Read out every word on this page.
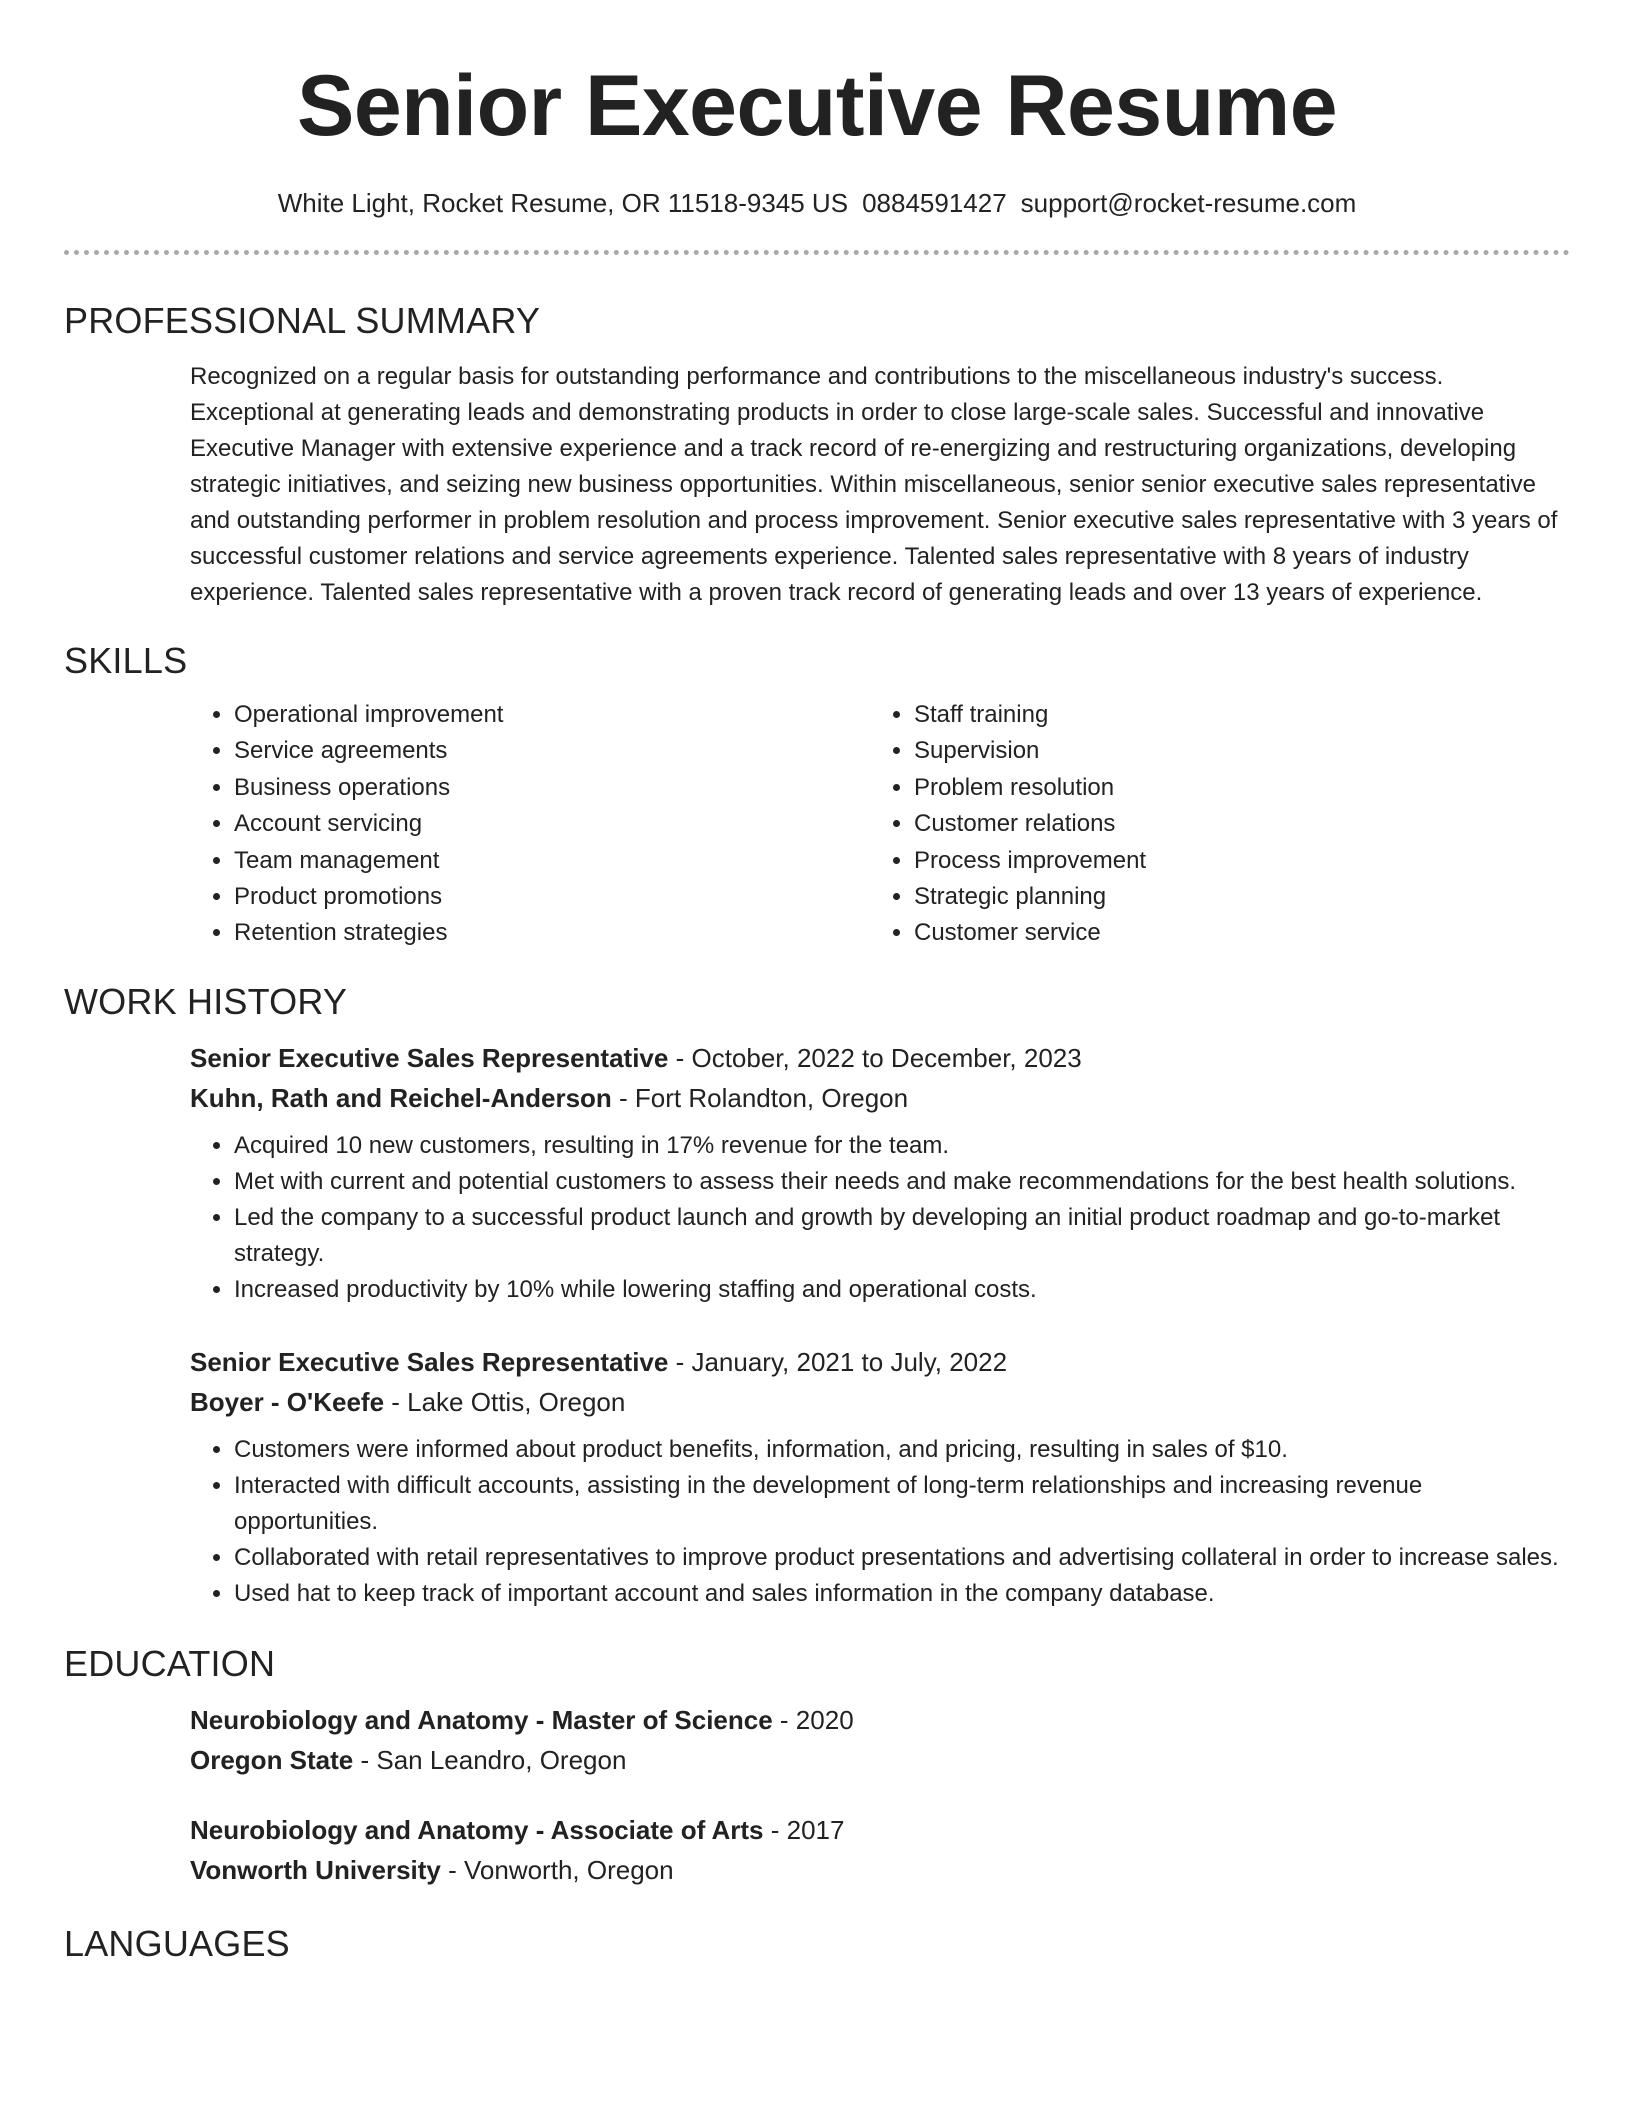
Senior Executive Resume
White Light, Rocket Resume, OR 11518-9345 US 0884591427 support@rocket-resume.com
PROFESSIONAL SUMMARY
Recognized on a regular basis for outstanding performance and contributions to the miscellaneous industry's success. Exceptional at generating leads and demonstrating products in order to close large-scale sales. Successful and innovative Executive Manager with extensive experience and a track record of re-energizing and restructuring organizations, developing strategic initiatives, and seizing new business opportunities. Within miscellaneous, senior senior executive sales representative and outstanding performer in problem resolution and process improvement. Senior executive sales representative with 3 years of successful customer relations and service agreements experience. Talented sales representative with 8 years of industry experience. Talented sales representative with a proven track record of generating leads and over 13 years of experience.
SKILLS
• Operational improvement
• Service agreements
• Business operations
• Account servicing
• Team management
• Product promotions
• Retention strategies
• Staff training
• Supervision
• Problem resolution
• Customer relations
• Process improvement
• Strategic planning
• Customer service
WORK HISTORY
Senior Executive Sales Representative - October, 2022 to December, 2023
Kuhn, Rath and Reichel-Anderson - Fort Rolandton, Oregon
• Acquired 10 new customers, resulting in 17% revenue for the team.
• Met with current and potential customers to assess their needs and make recommendations for the best health solutions.
• Led the company to a successful product launch and growth by developing an initial product roadmap and go-to-market strategy.
• Increased productivity by 10% while lowering staffing and operational costs.
Senior Executive Sales Representative - January, 2021 to July, 2022
Boyer - O'Keefe - Lake Ottis, Oregon
• Customers were informed about product benefits, information, and pricing, resulting in sales of $10.
• Interacted with difficult accounts, assisting in the development of long-term relationships and increasing revenue opportunities.
• Collaborated with retail representatives to improve product presentations and advertising collateral in order to increase sales.
• Used hat to keep track of important account and sales information in the company database.
EDUCATION
Neurobiology and Anatomy - Master of Science - 2020
Oregon State - San Leandro, Oregon
Neurobiology and Anatomy - Associate of Arts - 2017
Vonworth University - Vonworth, Oregon
LANGUAGES
